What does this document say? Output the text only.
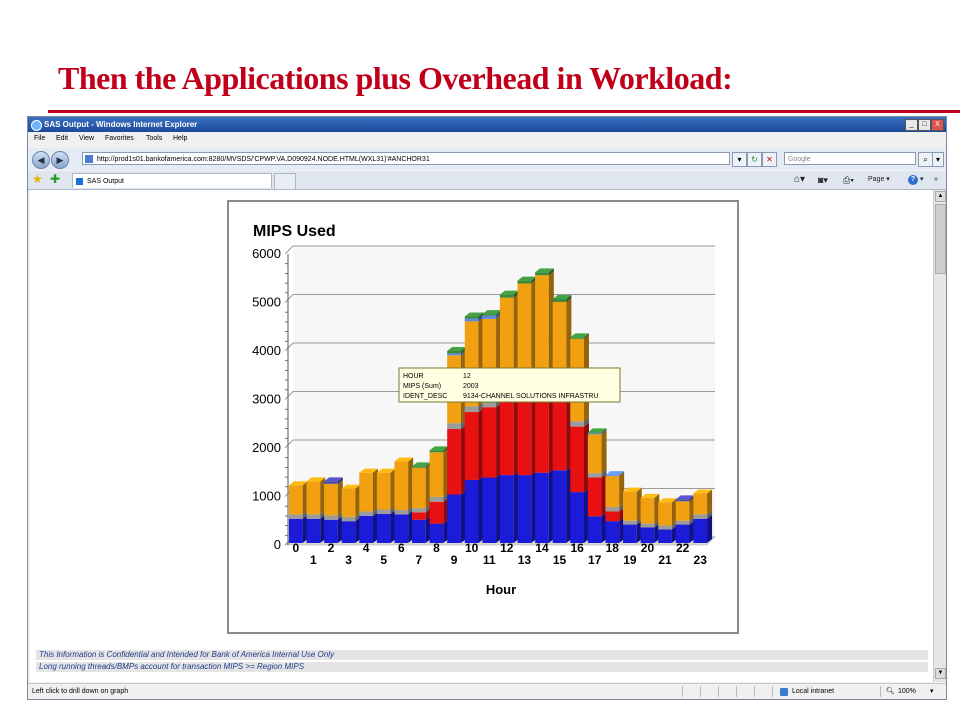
Then the Applications plus Overhead in Workload:
SAS Output - Windows Internet Explorer	_	□	X
File Edit View Favorites Tools Help
◀	▶	http://prod1s01.bankofamerica.com:8280/MVSDS/'CPWP.VA.D090924.NODE.HTML(WXL31)'#ANCHOR31	▾	↻	✕	Google	⌕	▾
★ ✚	SAS Output	⌂▾ ◙▾ ⎙▾ Page ▾	? ▾ »
MIPS Used
Hour
0
1000
2000
3000
4000
5000
6000
0
1
2
3
4
5
6
7
8
9
10
11
12
13
14
15
16
17
18
19
20
21
22
23
HOUR	12
MIPS (Sum)	2003
IDENT_DESC 9134-CHANNEL SOLUTIONS INFRASTRU
This Information is Confidential and Intended for Bank of America Internal Use Only
Long running threads/BMPs account for transaction MIPS >= Region MIPS
▲
▼
Left click to drill down on graph	Local intranet	🔍︎ 100% ▾
